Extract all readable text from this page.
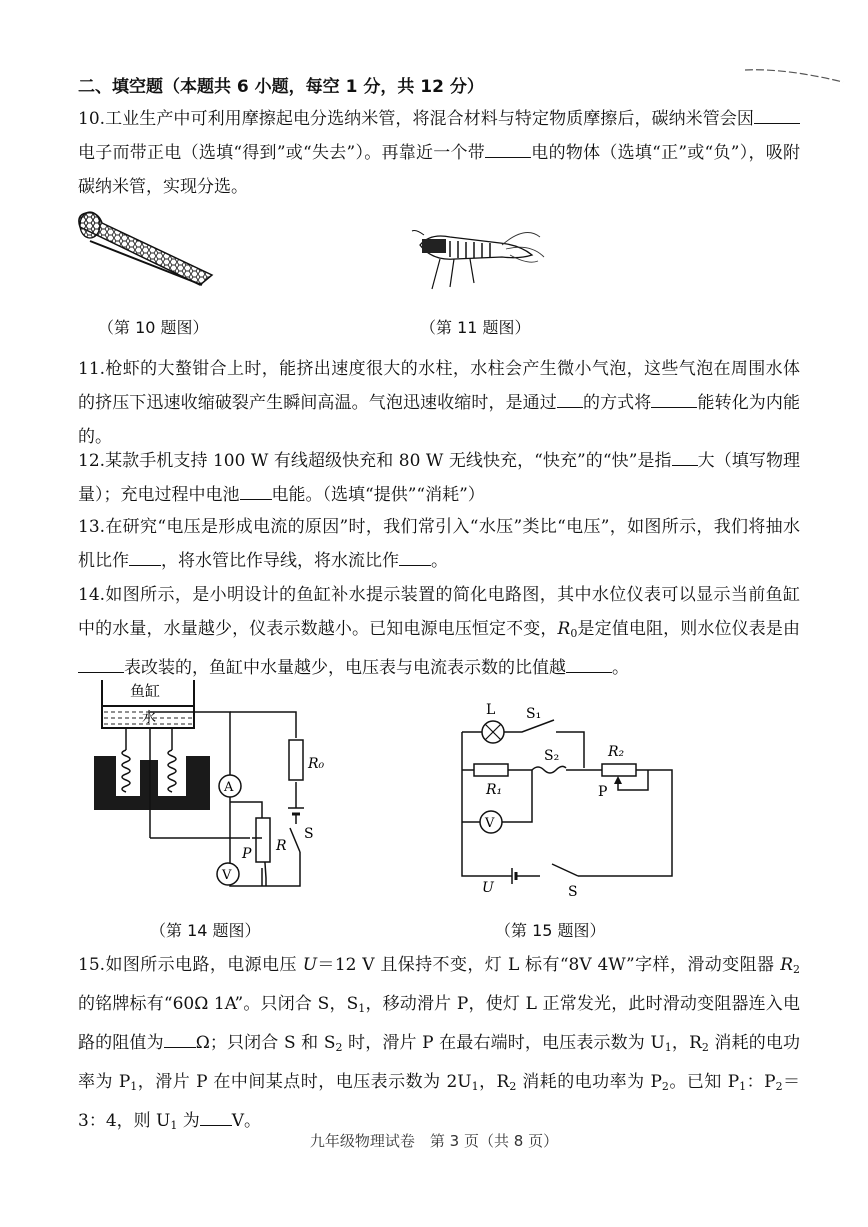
二、填空题（本题共 6 小题，每空 1 分，共 12 分）
10.工业生产中可利用摩擦起电分选纳米管，将混合材料与特定物质摩擦后，碳纳米管会因电子而带正电（选填“得到”或“失去”）。再靠近一个带	电的物体（选填“正”或“负”），吸附碳纳米管，实现分选。
（第 10 题图）	（第 11 题图）
11.枪虾的大螯钳合上时，能挤出速度很大的水柱，水柱会产生微小气泡，这些气泡在周围水体的挤压下迅速收缩破裂产生瞬间高温。气泡迅速收缩时，是通过 的方式将	能转化为内能的。
12.某款手机支持 100 W 有线超级快充和 80 W 无线快充，“快充”的“快”是指 大（填写物理量）；充电过程中电池 电能。（选填“提供”“消耗”）
13.在研究“电压是形成电流的原因”时，我们常引入“水压”类比“电压”，如图所示，我们将抽水机比作 ，将水管比作导线，将水流比作 。
14.如图所示，是小明设计的鱼缸补水提示装置的简化电路图，其中水位仪表可以显示当前鱼缸中的水量，水量越少，仪表示数越小。已知电源电压恒定不变，$R_0$是定值电阻，则水位仪表是由表改装的，鱼缸中水量越少，电压表与电流表示数的比值越	。
鱼缸
水
A
R₀
S
R
P
V
（第 14 题图）
L S₁
R₁
S₂	R₂
P
V
U	S
（第 15 题图）
15.如图所示电路，电源电压 U＝12 V 且保持不变，灯 L 标有“8V 4W”字样，滑动变阻器 $R_2$ 的铭牌标有“60Ω 1A”。只闭合 S，$S_1$，移动滑片 P，使灯 L 正常发光，此时滑动变阻器连入电路的阻值为 Ω；只闭合 S 和 $S_2$ 时，滑片 P 在最右端时，电压表示数为 $U_1$，$R_2$ 消耗的电功率为 $P_1$，滑片 P 在中间某点时，电压表示数为 $2U_1$，$R_2$ 消耗的电功率为 $P_2$。已知 $P_1$：$P_2=3$：4，则 $U_1$ 为 V。
九年级物理试卷　第 3 页（共 8 页）
